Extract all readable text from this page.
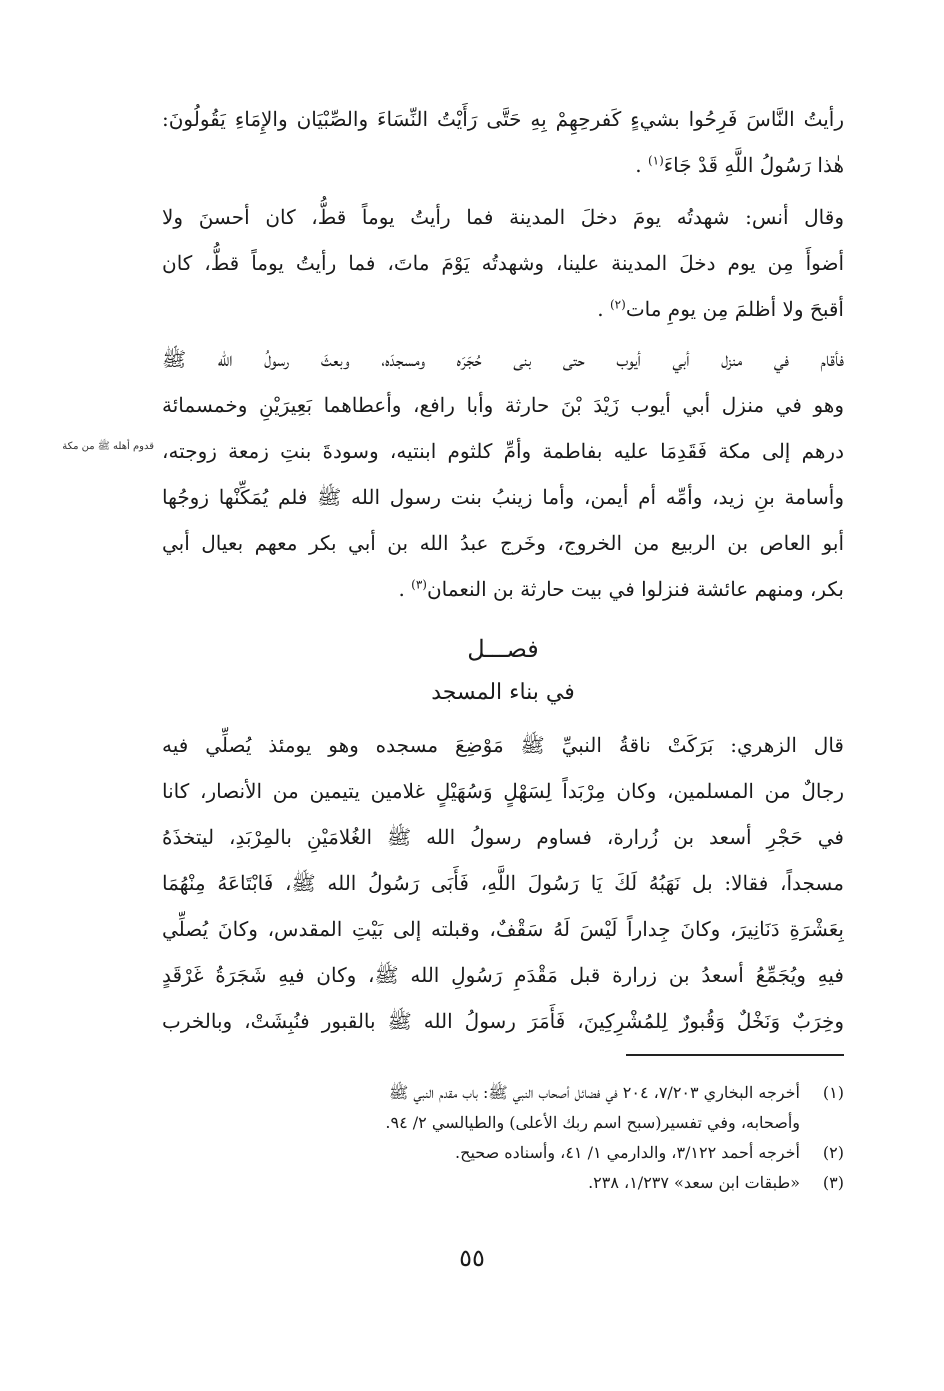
رأيتُ النَّاسَ فَرِحُوا بشيءٍ كَفرحِهِمْ بِهِ حَتَّى رَأَيْتُ النِّسَاءَ والصِّبْيَان والإِمَاءِ يَقُولُونَ:
هٰذا رَسُولُ اللَّهِ قَدْ جَاءَ$^{(١)}$ .
وقال أنس: شهدتُه يومَ دخلَ المدينة فما رأيتُ يوماً قطُّ، كان أحسنَ ولا
أضوأَ مِن يوم دخلَ المدينة علينا، وشهدتُه يَوْمَ ماتَ، فما رأيتُ يوماً قطُّ، كان
أقبحَ ولا أظلمَ مِن يومِ مات$^{(٢)}$ .
فأقام في منزل أبي أيوب حتى بنى حُجَرَه ومسجدَه، وبعثَ رسولُ الله ﷺ
وهو في منزل أبي أيوب زَيْدَ بْنَ حارثة وأبا رافع، وأعطاهما بَعِيرَيْنِ وخمسمائة
درهم إلى مكة فَقَدِمَا عليه بفاطمة وأمِّ كلثوم ابنتيه، وسودةَ بنتِ زمعة زوجته،
وأسامة بنِ زيد، وأمِّه أم أيمن، وأما زينبُ بنت رسول الله ﷺ فلم يُمَكِّنْها زوجُها
أبو العاص بن الربيع من الخروج، وخَرج عبدُ الله بن أبي بكر معهم بعيال أبي
بكر، ومنهم عائشة فنزلوا في بيت حارثة بن النعمان$^{(٣)}$ .
قدوم أهله ﷺ من مكة
فصـــل
في بناء المسجد
قال الزهري: بَرَكَتْ ناقةُ النبيِّ ﷺ مَوْضِعَ مسجده وهو يومئذ يُصلِّي فيه
رجالٌ من المسلمين، وكان مِرْبَداً لِسَهْلٍ وَسُهَيْلٍ غلامين يتيمين من الأنصار، كانا
في حَجْرِ أسعد بن زُرارة، فساوم رسولُ الله ﷺ الغُلامَيْنِ بالمِرْبَدِ، ليتخذَهُ
مسجداً، فقالا: بل نَهَبُهُ لَكَ يَا رَسُولَ اللَّهِ، فَأَبَى رَسُولُ الله ﷺ، فَابْتَاعَهُ مِنْهُمَا
بِعَشْرَةِ دَنَانِيرَ، وكانَ جِداراً لَيْسَ لَهُ سَقْفٌ، وقبلته إلى بَيْتِ المقدس، وكانَ يُصلِّي
فيهِ ويُجَمِّعُ أسعدُ بن زرارة قبل مَقْدَمِ رَسُولِ الله ﷺ، وكان فيهِ شَجَرَةُ غَرْقَدٍ
وخِرَبٌ وَنَخْلٌ وَقُبورٌ لِلمُشْرِكِينَ، فَأَمَرَ رسولُ الله ﷺ بالقبور فنُبِشَتْ، وبالخرب
(١)
أخرجه البخاري ٧/٢٠٣، ٢٠٤ في فضائل أصحاب النبي ﷺ: باب مقدم النبي ﷺ
وأصحابه، وفي تفسير(سبح اسم ربك الأعلى) والطيالسي ٢/ ٩٤.
(٢)
أخرجه أحمد ٣/١٢٢، والدارمي ١/ ٤١، وأسناده صحيح.
(٣)
«طبقات ابن سعد» ١/٢٣٧، ٢٣٨.
٥٥
